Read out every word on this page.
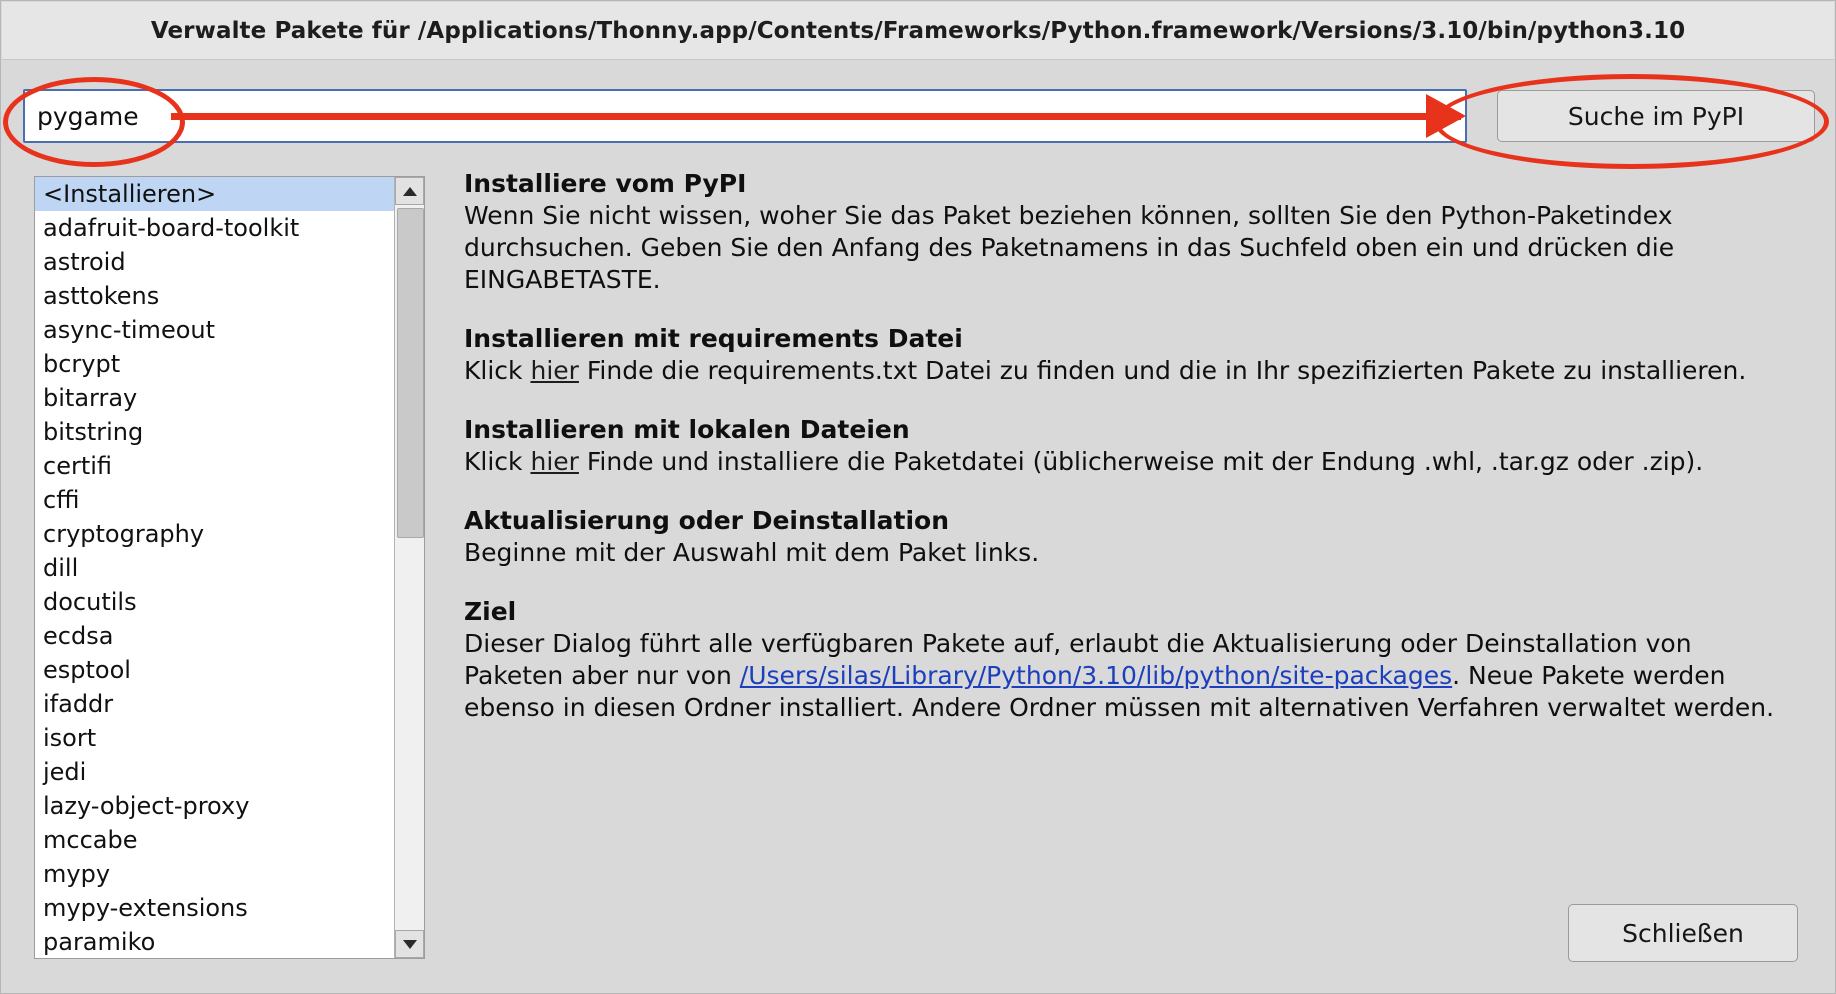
Verwalte Pakete für /Applications/Thonny.app/Contents/Frameworks/Python.framework/Versions/3.10/bin/python3.10
pygame
Suche im PyPI
<Installieren>
adafruit-board-toolkit
astroid
asttokens
async-timeout
bcrypt
bitarray
bitstring
certifi
cffi
cryptography
dill
docutils
ecdsa
esptool
ifaddr
isort
jedi
lazy-object-proxy
mccabe
mypy
mypy-extensions
paramiko
Installiere vom PyPI

Wenn Sie nicht wissen, woher Sie das Paket beziehen können, sollten Sie den Python-Paketindex durchsuchen. Geben Sie den Anfang des Paketnamens in das Suchfeld oben ein und drücken die EINGABETASTE.

Installieren mit requirements Datei

Klick hier Finde die requirements.txt Datei zu finden und die in Ihr spezifizierten Pakete zu installieren.

Installieren mit lokalen Dateien

Klick hier Finde und installiere die Paketdatei (üblicherweise mit der Endung .whl, .tar.gz oder .zip).

Aktualisierung oder Deinstallation

Beginne mit der Auswahl mit dem Paket links.

Ziel

Dieser Dialog führt alle verfügbaren Pakete auf, erlaubt die Aktualisierung oder Deinstallation von Paketen aber nur von /Users/silas/Library/Python/3.10/lib/python/site-packages. Neue Pakete werden ebenso in diesen Ordner installiert. Andere Ordner müssen mit alternativen Verfahren verwaltet werden.

Schließen
